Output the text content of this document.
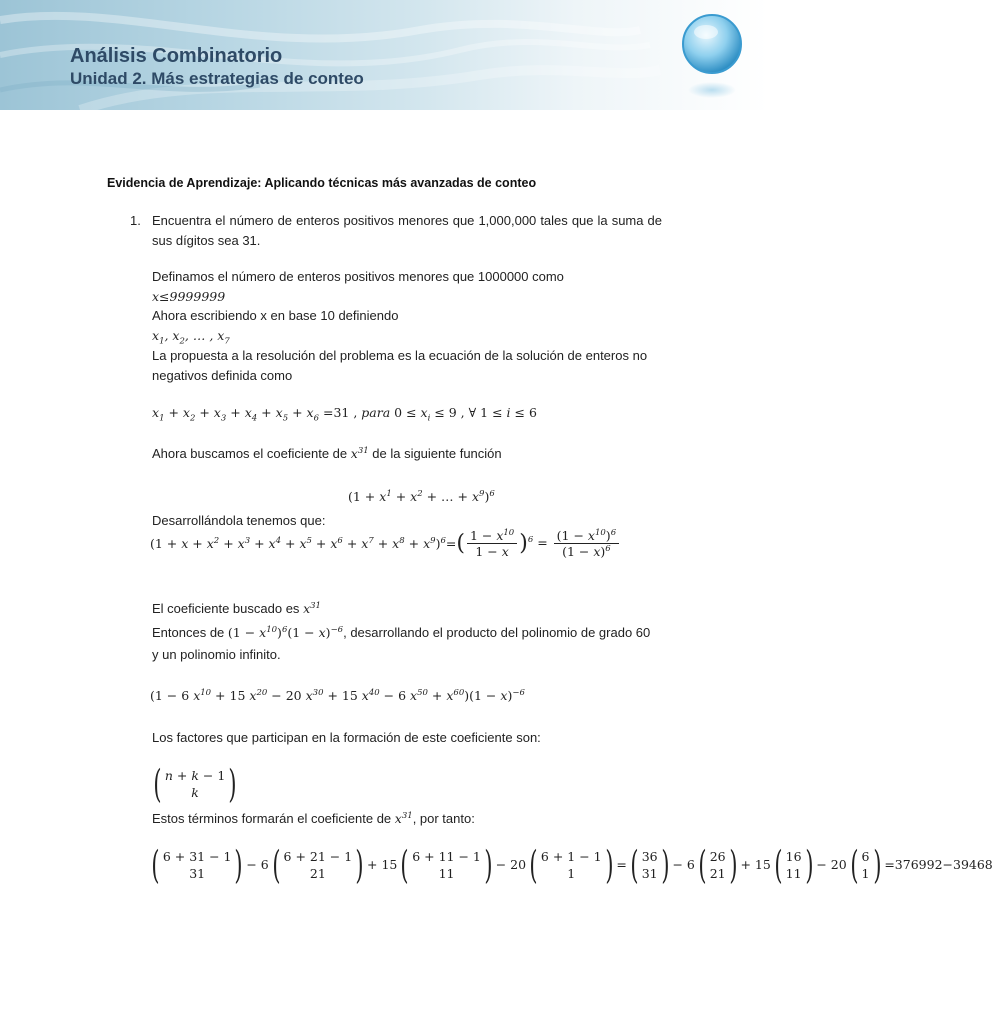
Análisis Combinatorio
Unidad 2. Más estrategias de conteo
Evidencia de Aprendizaje: Aplicando técnicas más avanzadas de conteo
1. Encuentra el número de enteros positivos menores que 1,000,000 tales que la suma de sus dígitos sea 31.
Definamos el número de enteros positivos menores que 1000000 como
x≤9999999
Ahora escribiendo x en base 10 definiendo
$x_1$, $x_2$, … , $x_7$
La propuesta a la resolución del problema es la ecuación de la solución de enteros no negativos definida como
$x_1 + x_2 + x_3 + x_4 + x_5 + x_6 =31$ , para $0 \le x_i \le 9$ , ∀ 1 ≤ i ≤ 6
Ahora buscamos el coeficiente de $x^{31}$ de la siguiente función
($1 + x^1 + x^2$ + … + $x^9)^6$
Desarrollándola tenemos que:
$(1 + x + x^2 + x^3 + x^4 + x^5 + x^6 + x^7 + x^8 + x^9)^6=( \frac{1 - x^{10}}{1 - x} )^6 = \frac{(1 - x^{10})^6}{(1 - x)^6}$
El coeficiente buscado es $x^{31}$
Entonces de $(1 - x^{10})^6(1 - x)^{-6}$, desarrollando el producto del polinomio de grado 60
y un polinomio infinito.
(1 − 6 $x^{10} + 15$ $x^{20} - 20$ $x^{30} + 15$ $x^{40} - 6$ $x^{50} + x^{60})(1 - x)^{-6}$
Los factores que participan en la formación de este coeficiente son:
( n + k − 1
k )
Estos términos formarán el coeficiente de $x^{31}$, por tanto:
( 6 + 31 − 1
31 ) − 6( 6 + 21 − 1
21 ) + 15( 6 + 11 − 1
11 ) − 20( 6 + 1 − 1
1 ) =( 36
31 ) − 6( 26
21 ) + 15( 16
11 ) − 20( 6
1 ) =376992−39468
